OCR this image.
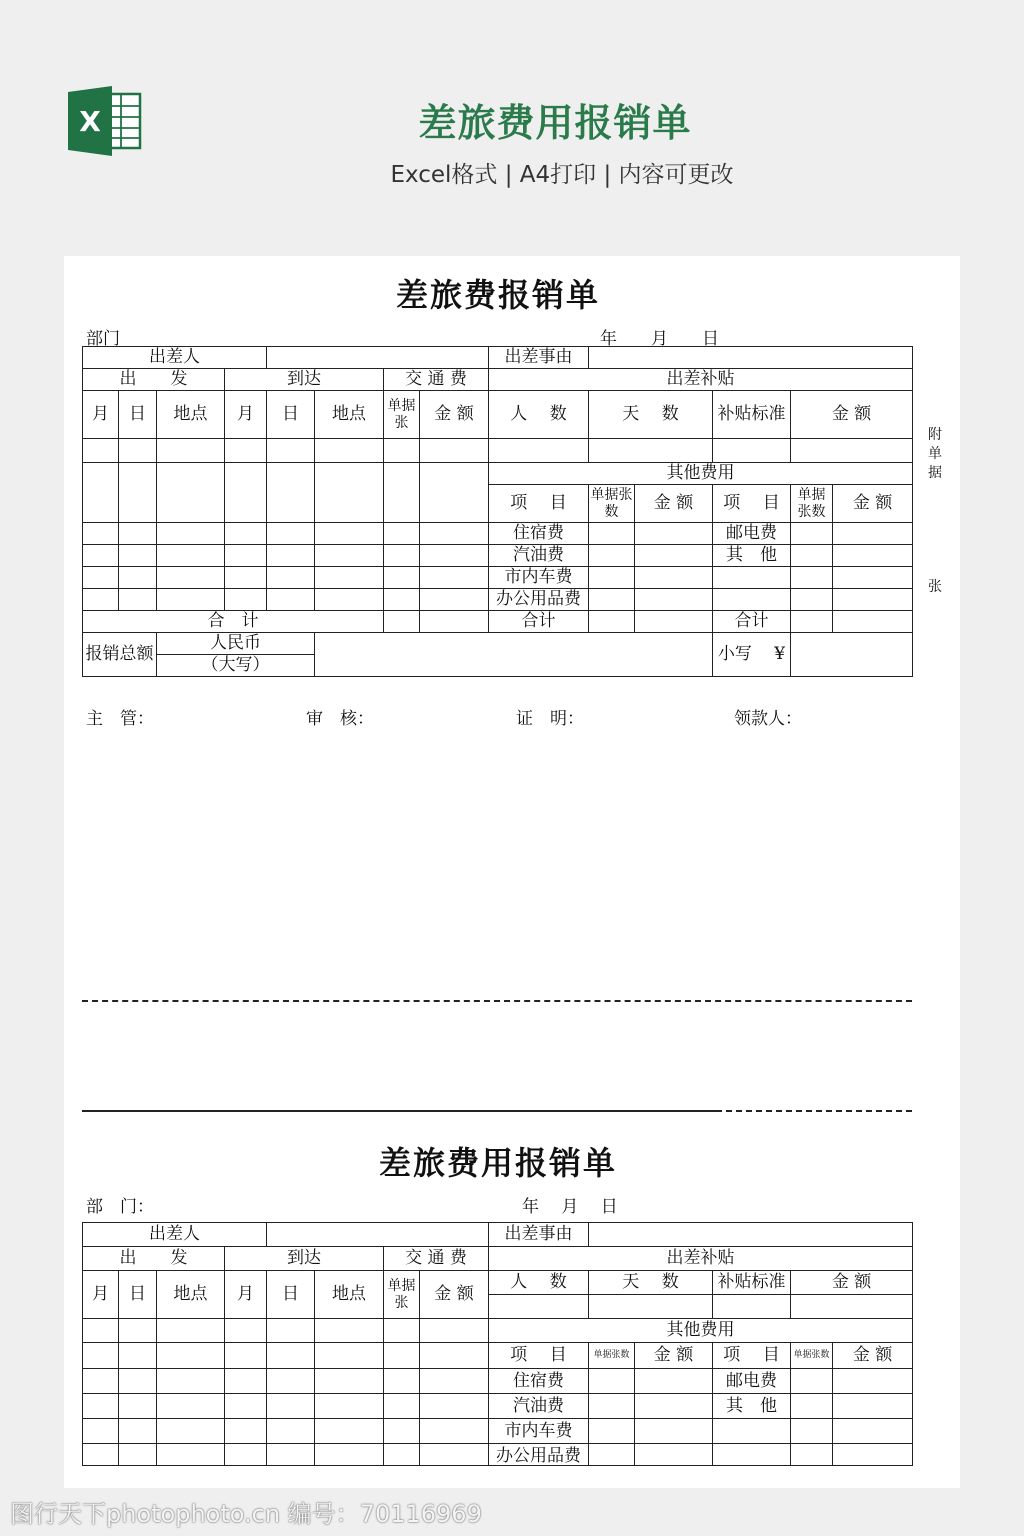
X	差旅费用报销单
Excel格式 | A4打印 | 内容可更改
差旅费报销单
部门	年　　月　　日
出差人								出差事由					
出　　发			到达			交 通 费		出差补贴					
月	日	地点	月	日	地点	单据张	金 额	人　 数	天　 数		补贴标准	金 额	

								其他费用					
								项　 目	单据张数	金 额	项　 目	单据张数	金 额
								住宿费			邮电费		
								汽油费			其　他		
								市内车费					
								办公用品费					
合　计								合计			合计		
报销总额		人民币									小写　 ¥		
		（大写）											
附单据
张
主　管：	审　核：	证　明：	领款人：
差旅费用报销单
部　门：	年　 月　 日
出差人								出差事由					
出　　发			到达			交 通 费		出差补贴					
月	日	地点	月	日	地点	单据张	金 额	人　 数	天　 数		补贴标准	金 额	

								其他费用					
								项　 目	单据张数	金 额	项　 目	单据张数	金 额
								住宿费			邮电费		
								汽油费			其　他		
								市内车费					
								办公用品费					
图行天下photophoto.cn 编号：70116969
